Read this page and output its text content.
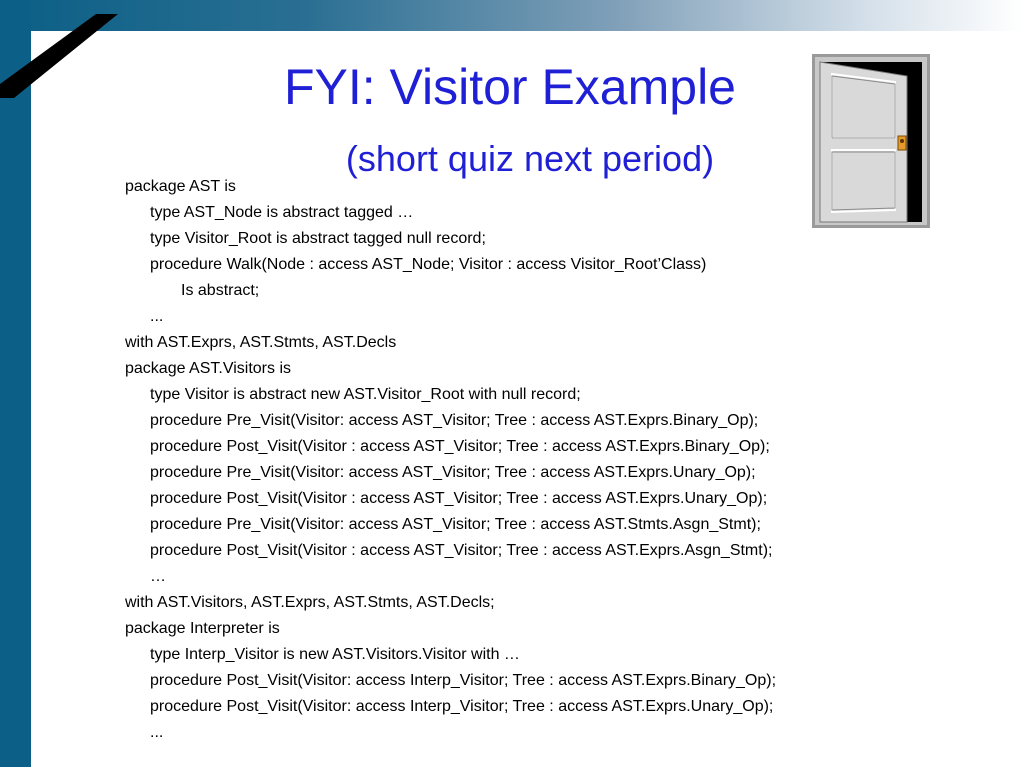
FYI: Visitor Example
(short quiz next period)
package AST is
type AST_Node is abstract tagged …
type Visitor_Root is abstract tagged null record;
procedure Walk(Node : access AST_Node; Visitor : access Visitor_Root’Class)
Is abstract;
...
with AST.Exprs, AST.Stmts, AST.Decls
package AST.Visitors is
type Visitor is abstract new AST.Visitor_Root with null record;
procedure Pre_Visit(Visitor: access AST_Visitor; Tree : access AST.Exprs.Binary_Op);
procedure Post_Visit(Visitor : access AST_Visitor; Tree : access AST.Exprs.Binary_Op);
procedure Pre_Visit(Visitor: access AST_Visitor; Tree : access AST.Exprs.Unary_Op);
procedure Post_Visit(Visitor : access AST_Visitor; Tree : access AST.Exprs.Unary_Op);
procedure Pre_Visit(Visitor: access AST_Visitor; Tree : access AST.Stmts.Asgn_Stmt);
procedure Post_Visit(Visitor : access AST_Visitor; Tree : access AST.Exprs.Asgn_Stmt);
…
with AST.Visitors, AST.Exprs, AST.Stmts, AST.Decls;
package Interpreter is
type Interp_Visitor is new AST.Visitors.Visitor with …
procedure Post_Visit(Visitor: access Interp_Visitor; Tree : access AST.Exprs.Binary_Op);
procedure Post_Visit(Visitor: access Interp_Visitor; Tree : access AST.Exprs.Unary_Op);
...
